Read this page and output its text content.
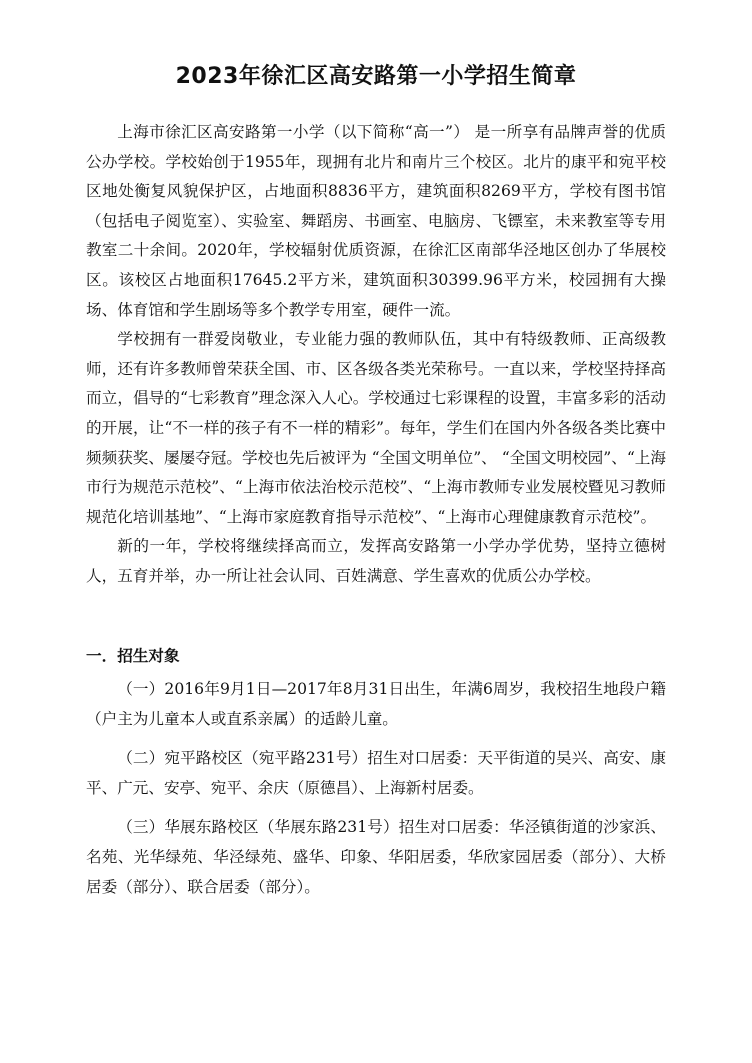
2023年徐汇区高安路第一小学招生简章

上海市徐汇区高安路第一小学（以下简称“高一”） 是一所享有品牌声誉的优质公办学校。学校始创于1955年，现拥有北片和南片三个校区。北片的康平和宛平校区地处衡复风貌保护区，占地面积8836平方，建筑面积8269平方，学校有图书馆（包括电子阅览室）、实验室、舞蹈房、书画室、电脑房、飞镖室，未来教室等专用教室二十余间。2020年，学校辐射优质资源，在徐汇区南部华泾地区创办了华展校区。该校区占地面积17645.2平方米，建筑面积30399.96平方米，校园拥有大操场、体育馆和学生剧场等多个教学专用室，硬件一流。

学校拥有一群爱岗敬业，专业能力强的教师队伍，其中有特级教师、正高级教师，还有许多教师曾荣获全国、市、区各级各类光荣称号。一直以来，学校坚持择高而立，倡导的“七彩教育”理念深入人心。学校通过七彩课程的设置，丰富多彩的活动的开展，让“不一样的孩子有不一样的精彩”。每年，学生们在国内外各级各类比赛中频频获奖、屡屡夺冠。学校也先后被评为 “全国文明单位”、 “全国文明校园”、“上海市行为规范示范校”、“上海市依法治校示范校”、“上海市教师专业发展校暨见习教师规范化培训基地”、“上海市家庭教育指导示范校”、“上海市心理健康教育示范校”。

新的一年，学校将继续择高而立，发挥高安路第一小学办学优势，坚持立德树人，五育并举，办一所让社会认同、百姓满意、学生喜欢的优质公办学校。

一．招生对象

（一）2016年9月1日—2017年8月31日出生，年满6周岁，我校招生地段户籍（户主为儿童本人或直系亲属）的适龄儿童。

（二）宛平路校区（宛平路231号）招生对口居委：天平街道的吴兴、高安、康平、广元、安亭、宛平、余庆（原德昌）、上海新村居委。

（三）华展东路校区（华展东路231号）招生对口居委：华泾镇街道的沙家浜、名苑、光华绿苑、华泾绿苑、盛华、印象、华阳居委，华欣家园居委（部分）、大桥居委（部分）、联合居委（部分）。
